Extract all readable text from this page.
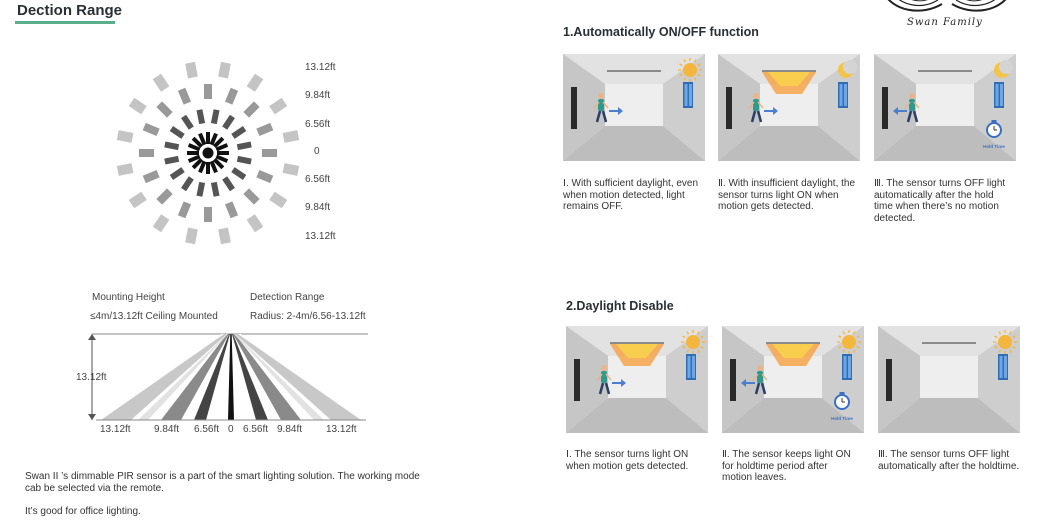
Dection Range
Swan Family
13.12ft
9.84ft
6.56ft
0
6.56ft
9.84ft
13.12ft
Mounting Height
≤4m/13.12ft Ceiling Mounted
Detection Range
Radius: 2-4m/6.56-13.12ft
13.12ft
13.12ft 9.84ft 6.56ft 0 6.56ft 9.84ft 13.12ft
Swan II ’s dimmable PIR sensor is a part of the smart lighting solution. The working mode cab be selected via the remote.
It’s good for office lighting.
1.Automatically ON/OFF function
Hold Time
Ⅰ. With sufficient daylight, even when motion detected, light remains OFF.
Ⅱ. With insufficient daylight, the sensor turns light ON when motion gets detected.
Ⅲ. The sensor turns OFF light automatically after the hold time when there’s no motion detected.
2.Daylight Disable
Hold Time
Ⅰ. The sensor turns light ON when motion gets detected.
Ⅱ. The sensor keeps light ON for holdtime period after motion leaves.
Ⅲ. The sensor turns OFF light automatically after the holdtime.
